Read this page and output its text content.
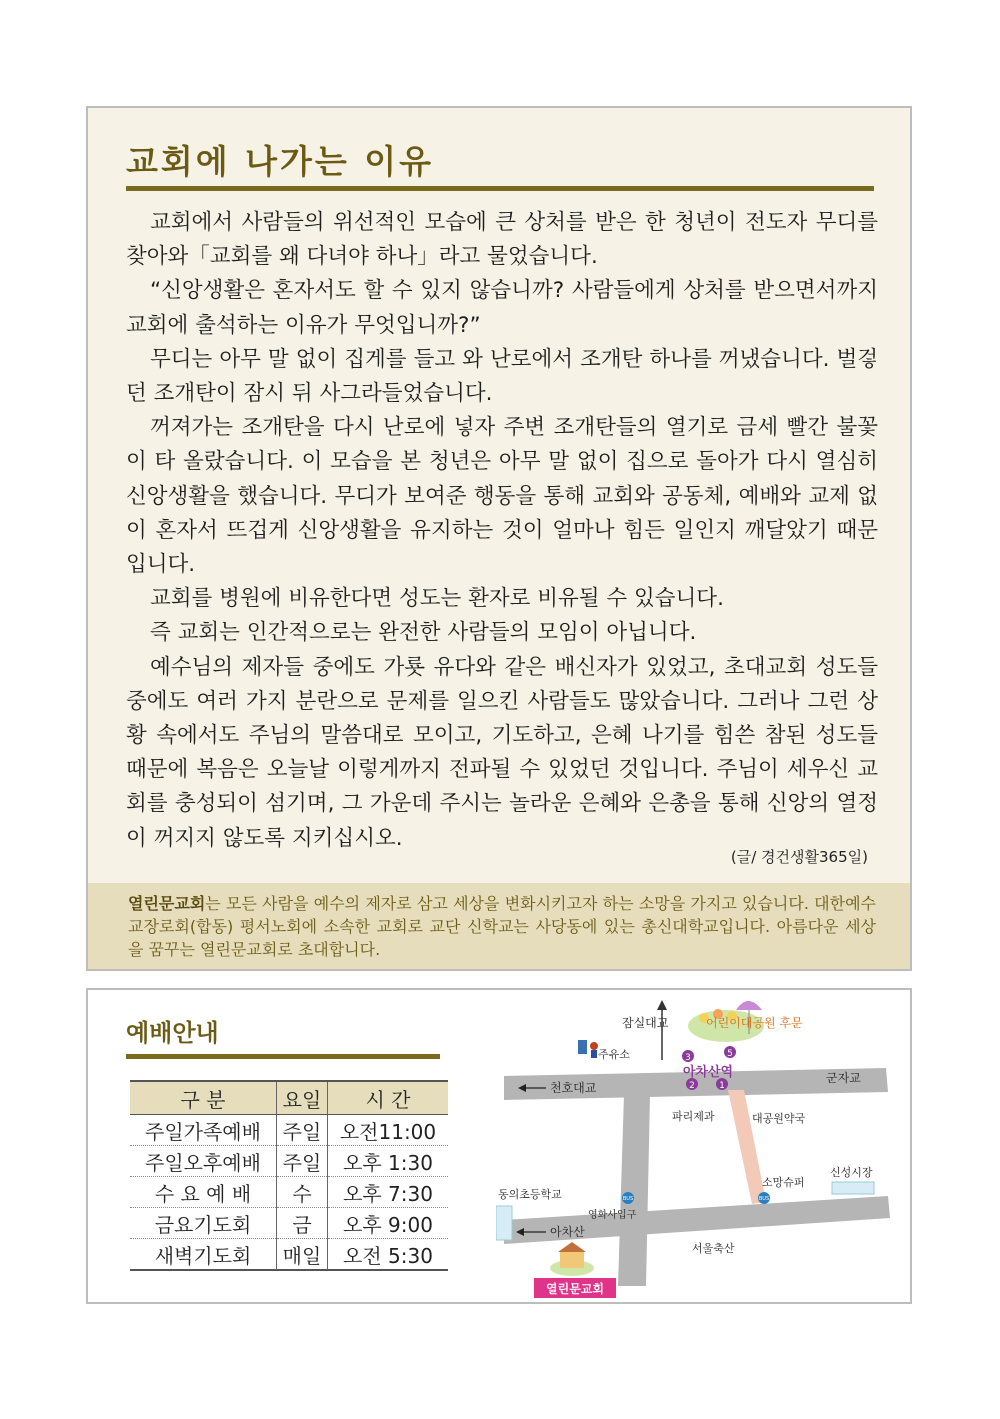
교회에 나가는 이유

교회에서 사람들의 위선적인 모습에 큰 상처를 받은 한 청년이 전도자 무디를 찾아와「교회를 왜 다녀야 하나」라고 물었습니다.

“신앙생활은 혼자서도 할 수 있지 않습니까? 사람들에게 상처를 받으면서까지 교회에 출석하는 이유가 무엇입니까?”

무디는 아무 말 없이 집게를 들고 와 난로에서 조개탄 하나를 꺼냈습니다. 벌겋던 조개탄이 잠시 뒤 사그라들었습니다.

꺼져가는 조개탄을 다시 난로에 넣자 주변 조개탄들의 열기로 금세 빨간 불꽃이 타 올랐습니다. 이 모습을 본 청년은 아무 말 없이 집으로 돌아가 다시 열심히 신앙생활을 했습니다. 무디가 보여준 행동을 통해 교회와 공동체, 예배와 교제 없이 혼자서 뜨겁게 신앙생활을 유지하는 것이 얼마나 힘든 일인지 깨달았기 때문입니다.

교회를 병원에 비유한다면 성도는 환자로 비유될 수 있습니다.

즉 교회는 인간적으로는 완전한 사람들의 모임이 아닙니다.

예수님의 제자들 중에도 가룟 유다와 같은 배신자가 있었고, 초대교회 성도들 중에도 여러 가지 분란으로 문제를 일으킨 사람들도 많았습니다. 그러나 그런 상황 속에서도 주님의 말씀대로 모이고, 기도하고, 은혜 나기를 힘쓴 참된 성도들 때문에 복음은 오늘날 이렇게까지 전파될 수 있었던 것입니다. 주님이 세우신 교회를 충성되이 섬기며, 그 가운데 주시는 놀라운 은혜와 은총을 통해 신앙의 열정이 꺼지지 않도록 지키십시오.

(글/ 경건생활365일)
열린문교회는 모든 사람을 예수의 제자로 삼고 세상을 변화시키고자 하는 소망을 가지고 있습니다. 대한예수교장로회(합동) 평서노회에 소속한 교회로 교단 신학교는 사당동에 있는 총신대학교입니다. 아름다운 세상을 꿈꾸는 열린문교회로 초대합니다.
예배안내
구 분	요일	시 간
주일가족예배	주일	오전11:00
주일오후예배	주일	오후 1:30
수 요 예 배	수	오후 7:30
금요기도회	금	오후 9:00
새벽기도회	매일	오전 5:30
어린이대공원 후문
잠실대교
주유소	3	5
2	1
아차산역
천호대교
군자교
파리제과	대공원약국
소망슈퍼
BUS
신성시장
동의초등학교	BUS
영화사입구
아차산
서울축산
열린문교회
